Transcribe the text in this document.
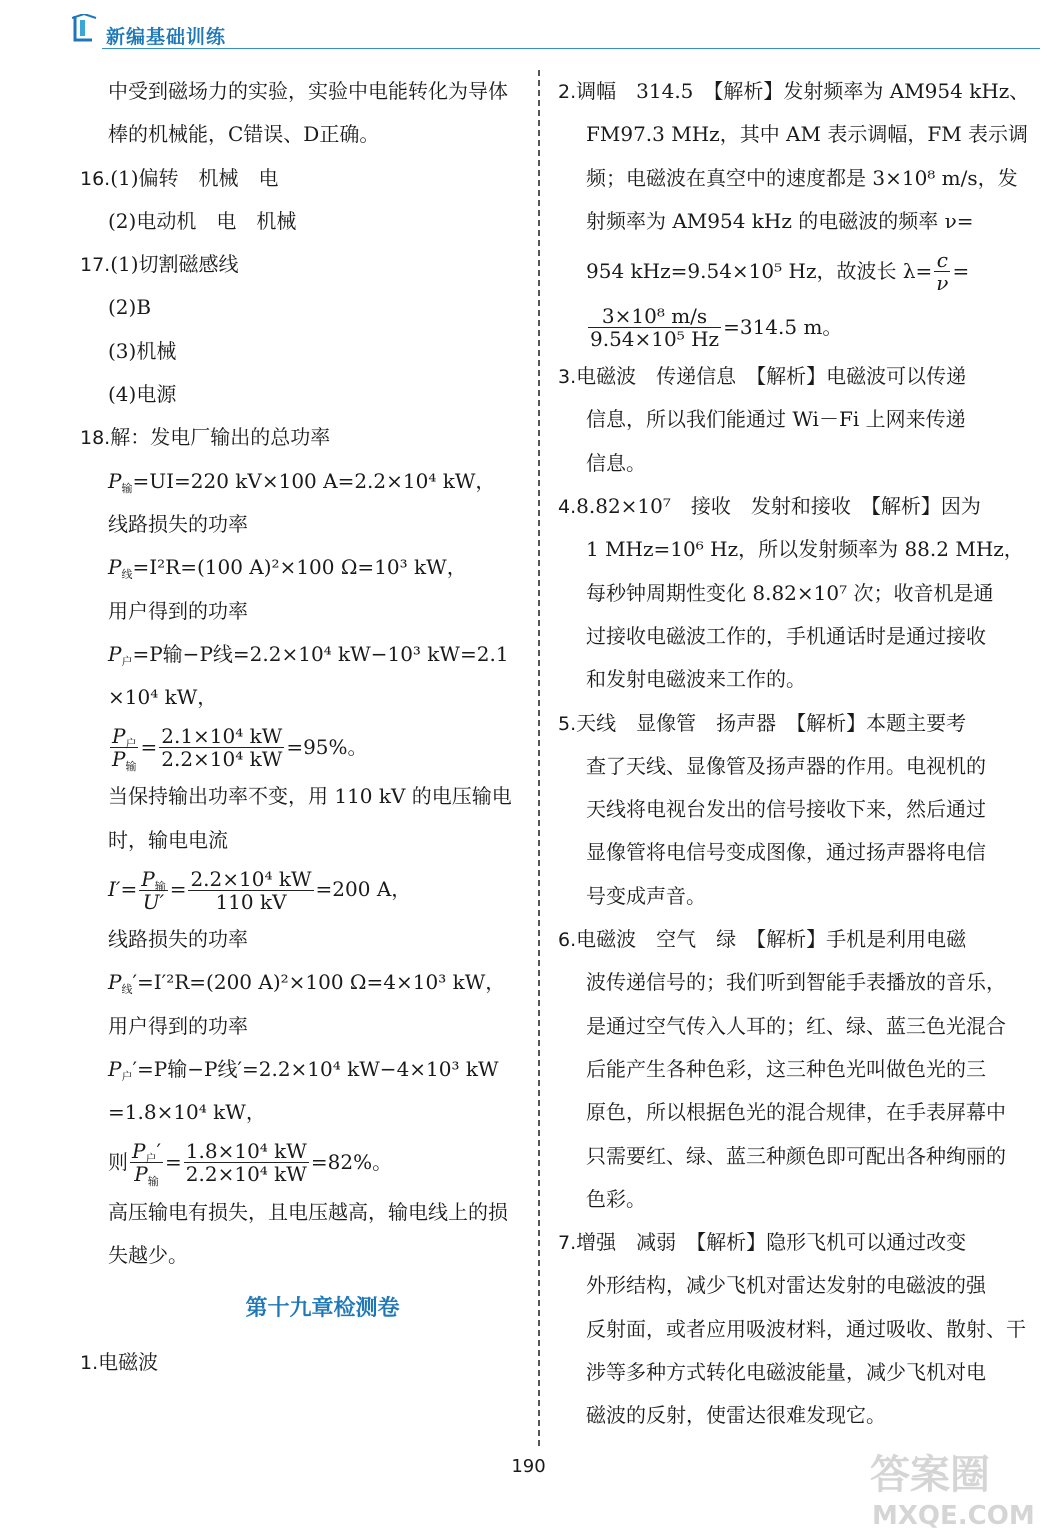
新编基础训练
中受到磁场力的实验，实验中电能转化为导体
棒的机械能，C错误、D正确。
16.(1)偏转　机械　电
(2)电动机　电　机械
17.(1)切割磁感线
(2)B
(3)机械
(4)电源
18.解：发电厂输出的总功率
$P_输=UI=220$ kV×100 A=2.2×10⁴ kW，
线路损失的功率
$P_线=I^2R=(100$ A)²×100 Ω=10³ kW，
用户得到的功率
$P_户=P$输−P线=2.2×10⁴ kW−10³ kW=2.1
×10⁴ kW，
$\frac{P_户}{P_输} = \frac{\text{2.1×10⁴ kW}}{\text{2.2×10⁴ kW}} =95\%$。
当保持输出功率不变，用 110 kV 的电压输电
时，输电电流
$I' = \frac{P_输}{U'} = \frac{\text{2.2×10⁴ kW}}{110 kV} =200$ A，
线路损失的功率
$P_线'=I'^2R=(200$ A)²×100 Ω=4×10³ kW，
用户得到的功率
$P_户'=P$输−P线′=2.2×10⁴ kW−4×10³ kW
=1.8×10⁴ kW，
则 $\frac{P_户'}{P_输} = \frac{\text{1.8×10⁴ kW}}{\text{2.2×10⁴ kW}} =82\%$。
高压输电有损失，且电压越高，输电线上的损
失越少。
第十九章检测卷
1.电磁波
2.调幅　314.5　【解析】发射频率为 AM954 kHz、
FM97.3 MHz，其中 AM 表示调幅，FM 表示调
频；电磁波在真空中的速度都是 3×10⁸ m/s，发
射频率为 AM954 kHz 的电磁波的频率 ν=
954 kHz=9.54×10⁵ Hz，故波长 $\lambda= \frac{c}{\nu}$ =
$\frac{\text{3×10⁸ m/s}}{\text{9.54×10⁵ Hz}} =314.5$ m。
3.电磁波　传递信息　【解析】电磁波可以传递
信息，所以我们能通过 Wi－Fi 上网来传递
信息。
4.8.82×10⁷　接收　发射和接收　【解析】因为
1 MHz=10⁶ Hz，所以发射频率为 88.2 MHz，
每秒钟周期性变化 8.82×10⁷ 次；收音机是通
过接收电磁波工作的，手机通话时是通过接收
和发射电磁波来工作的。
5.天线　显像管　扬声器　【解析】本题主要考
查了天线、显像管及扬声器的作用。电视机的
天线将电视台发出的信号接收下来，然后通过
显像管将电信号变成图像，通过扬声器将电信
号变成声音。
6.电磁波　空气　绿　【解析】手机是利用电磁
波传递信号的；我们听到智能手表播放的音乐，
是通过空气传入人耳的；红、绿、蓝三色光混合
后能产生各种色彩，这三种色光叫做色光的三
原色，所以根据色光的混合规律，在手表屏幕中
只需要红、绿、蓝三种颜色即可配出各种绚丽的
色彩。
7.增强　减弱　【解析】隐形飞机可以通过改变
外形结构，减少飞机对雷达发射的电磁波的强
反射面，或者应用吸波材料，通过吸收、散射、干
涉等多种方式转化电磁波能量，减少飞机对电
磁波的反射，使雷达很难发现它。
190	答案圈
MXQE.COM
